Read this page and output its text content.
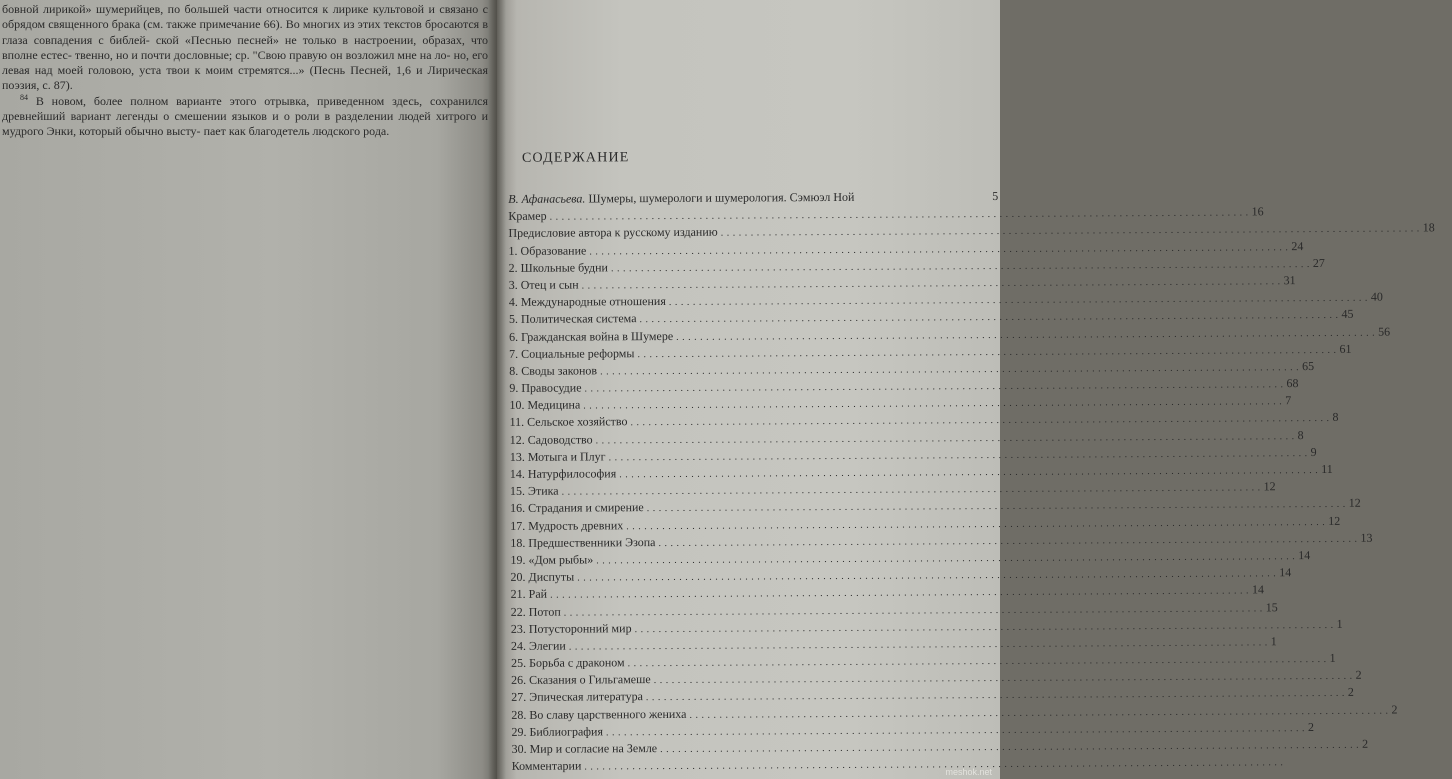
бовной лирикой» шумерийцев, по большей части относится к лирике культовой и связано с обрядом священного брака (см. также примечание 66). Во многих из этих текстов бросаются в глаза совпадения с библей- ской «Песнью песней» не только в настроении, образах, что вполне естес- твенно, но и почти дословные; ср. "Свою правую он возложил мне на ло- но, его левая над моей головою, уста твои к моим стремятся...» (Песнь Песней, 1,6 и Лирическая поэзия, с. 87).

$^{84}$ В новом, более полном варианте этого отрывка, приведенном здесь, сохранился древнейший вариант легенды о смешении языков и о роли в разделении людей хитрого и мудрого Энки, который обычно высту- пает как благодетель людского рода.

СОДЕРЖАНИЕ
В. Афанасьева. Шумеры, шумерологи и шумерология. Сэмюэл Ной	5
Крамер . . .	16
Предисловие автора к русскому изданию . . .	18
1. Образование . . .	24
2. Школьные будни . . .	27
3. Отец и сын . . .	31
4. Международные отношения . . .	40
5. Политическая система . . .	45
6. Гражданская война в Шумере . . .	56
7. Социальные реформы . . .	61
8. Своды законов . . .	65
9. Правосудие . . .	68
10. Медицина . . .	7
11. Сельское хозяйство . . .	8
12. Садоводство . . .	8
13. Мотыга и Плуг . . .	9
14. Натурфилософия . . .	11
15. Этика . . .	12
16. Страдания и смирение . . .	12
17. Мудрость древних . . .	12
18. Предшественники Эзопа . . .	13
19. «Дом рыбы» . . .	14
20. Диспуты . . .	14
21. Рай . . .	14
22. Потоп . . .	15
23. Потусторонний мир . . .	1
24. Элегии . . .	1
25. Борьба с драконом . . .	1
26. Сказания о Гильгамеше . . .	2
27. Эпическая литература . . .	2
28. Во славу царственного жениха . . .	2
29. Библиография . . .	2
30. Мир и согласие на Земле . . .	2
Комментарии . . .	meshok.net
